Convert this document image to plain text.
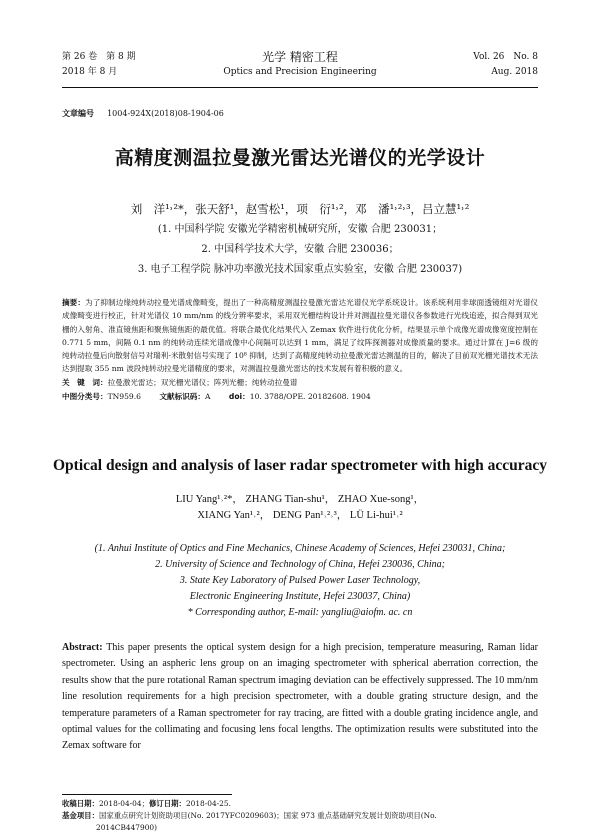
第 26 卷　第 8 期
2018 年 8 月
光学 精密工程
Optics and Precision Engineering
Vol. 26　No. 8
Aug. 2018
文章编号 　 1004-924X(2018)08-1904-06
高精度测温拉曼激光雷达光谱仪的光学设计
刘　洋¹˒²*，张天舒¹，赵雪松¹，项　衍¹˒²，邓　潘¹˒²˒³，吕立慧¹˒²
(1. 中国科学院 安徽光学精密机械研究所，安徽 合肥 230031；
2. 中国科学技术大学，安徽 合肥 230036；
3. 电子工程学院 脉冲功率激光技术国家重点实验室，安徽 合肥 230037)
摘要：为了抑制边缘纯转动拉曼光谱成像畸变，提出了一种高精度测温拉曼激光雷达光谱仪光学系统设计。该系统利用非球面透镜组对光谱仪成像畸变进行校正，针对光谱仪 10 mm/nm 的线分辨率要求，采用双光栅结构设计并对测温拉曼光谱仪各参数进行光线追迹，拟合得到双光栅的入射角、准直镜焦距和聚焦镜焦距的最优值。将联合最优化结果代入 Zemax 软件进行优化分析，结果显示单个成像光谱成像宽度控制在 0.771 5 mm，间隔 0.1 nm 的纯转动连续光谱成像中心间隔可以达到 1 mm，满足了纹阵探测器对成像质量的要求。通过计算在 J=6 级的纯转动拉曼后向散射信号对瑞利-米散射信号实现了 10⁸ 抑制，达到了高精度纯转动拉曼激光雷达测温的目的，解决了目前双光栅光谱技术无法达到提取 355 nm 波段纯转动拉曼光谱精度的要求，对测温拉曼激光雷达的技术发展有着积极的意义。
关　键　词：拉曼激光雷达；双光栅光谱仪；阵列光栅；纯转动拉曼谱
中图分类号：TN959.6 文献标识码：A doi：10. 3788/OPE. 20182608. 1904
Optical design and analysis of laser radar spectrometer with high accuracy
LIU Yang¹˒²*， ZHANG Tian-shu¹， ZHAO Xue-song¹，
XIANG Yan¹˒²， DENG Pan¹˒²˒³， LÜ Li-hui¹˒²
(1. Anhui Institute of Optics and Fine Mechanics, Chinese Academy of Sciences, Hefei 230031, China;
2. University of Science and Technology of China, Hefei 230036, China;
3. State Key Laboratory of Pulsed Power Laser Technology,
Electronic Engineering Institute, Hefei 230037, China)
* Corresponding author, E-mail: yangliu@aiofm. ac. cn
Abstract: This paper presents the optical system design for a high precision, temperature measuring, Raman lidar spectrometer. Using an aspheric lens group on an imaging spectrometer with spherical aberration correction, the results show that the pure rotational Raman spectrum imaging deviation can be effectively suppressed. The 10 mm/nm line resolution requirements for a high precision spectrometer, with a double grating structure design, and the temperature parameters of a Raman spectrometer for ray tracing, are fitted with a double grating incidence angle, and optimal values for the collimating and focusing lens focal lengths. The optimization results were substituted into the Zemax software for
收稿日期：2018-04-04；修订日期：2018-04-25.
基金项目：国家重点研究计划资助项目(No. 2017YFC0209603)；国家 973 重点基础研究发展计划资助项目(No.
2014CB447900)
